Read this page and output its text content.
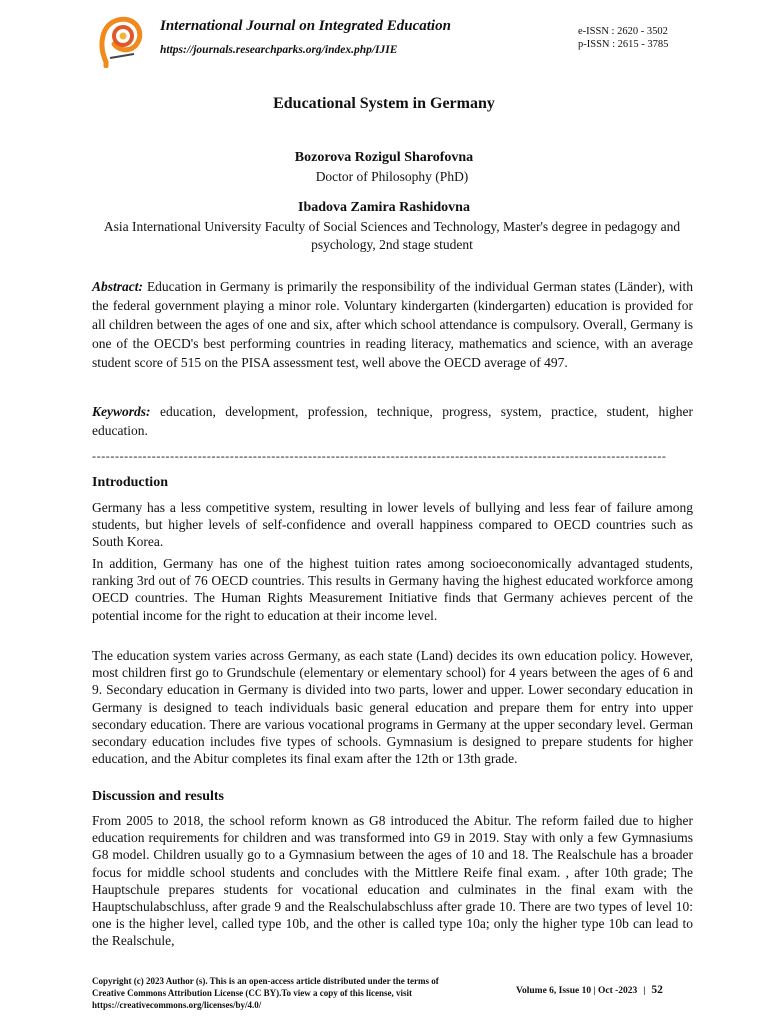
International Journal on Integrated Education
https://journals.researchparks.org/index.php/IJIE
e-ISSN : 2620 - 3502
p-ISSN : 2615 - 3785
Educational System in Germany
Bozorova Rozigul Sharofovna
Doctor of Philosophy (PhD)
Ibadova Zamira Rashidovna
Asia International University Faculty of Social Sciences and Technology, Master's degree in pedagogy and psychology, 2nd stage student

Abstract: Education in Germany is primarily the responsibility of the individual German states (Länder), with the federal government playing a minor role. Voluntary kindergarten (kindergarten) education is provided for all children between the ages of one and six, after which school attendance is compulsory. Overall, Germany is one of the OECD's best performing countries in reading literacy, mathematics and science, with an average student score of 515 on the PISA assessment test, well above the OECD average of 497.

Keywords: education, development, profession, technique, progress, system, practice, student, higher education.

-----------------------------------------------------------------------------------------------------------------------------
Introduction

Germany has a less competitive system, resulting in lower levels of bullying and less fear of failure among students, but higher levels of self-confidence and overall happiness compared to OECD countries such as South Korea.

In addition, Germany has one of the highest tuition rates among socioeconomically advantaged students, ranking 3rd out of 76 OECD countries. This results in Germany having the highest educated workforce among OECD countries. The Human Rights Measurement Initiative finds that Germany achieves percent of the potential income for the right to education at their income level.

The education system varies across Germany, as each state (Land) decides its own education policy. However, most children first go to Grundschule (elementary or elementary school) for 4 years between the ages of 6 and 9. Secondary education in Germany is divided into two parts, lower and upper. Lower secondary education in Germany is designed to teach individuals basic general education and prepare them for entry into upper secondary education. There are various vocational programs in Germany at the upper secondary level. German secondary education includes five types of schools. Gymnasium is designed to prepare students for higher education, and the Abitur completes its final exam after the 12th or 13th grade.

Discussion and results

From 2005 to 2018, the school reform known as G8 introduced the Abitur. The reform failed due to higher education requirements for children and was transformed into G9 in 2019. Stay with only a few Gymnasiums G8 model. Children usually go to a Gymnasium between the ages of 10 and 18. The Realschule has a broader focus for middle school students and concludes with the Mittlere Reife final exam. , after 10th grade; The Hauptschule prepares students for vocational education and culminates in the final exam with the Hauptschulabschluss, after grade 9 and the Realschulabschluss after grade 10. There are two types of level 10: one is the higher level, called type 10b, and the other is called type 10a; only the higher type 10b can lead to the Realschule,

Copyright (c) 2023 Author (s). This is an open-access article distributed under the terms of Creative Commons Attribution License (CC BY).To view a copy of this license, visit https://creativecommons.org/licenses/by/4.0/
Volume 6, Issue 10 | Oct -2023 | 52
